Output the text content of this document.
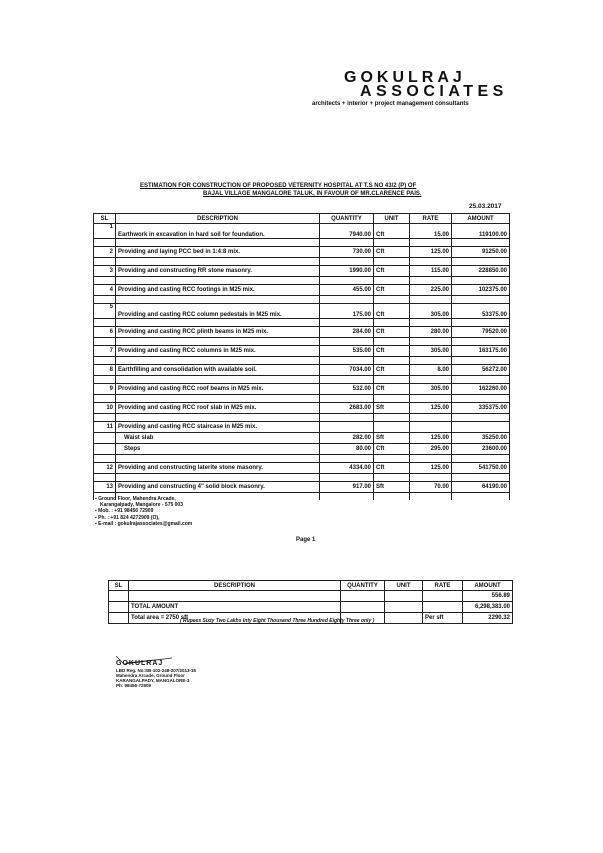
GOKULRAJ
ASSOCIATES
architects + interior + project management consultants
ESTIMATION FOR CONSTRUCTION OF PROPOSED VETERNITY HOSPITAL AT T.S NO 43/2 (P) OF
BAJAL VILLAGE MANGALORE TALUK, IN FAVOUR OF MR.CLARENCE PAIS.
25.03.2017
SL	DESCRIPTION	QUANTITY	UNIT	RATE	AMOUNT
1	Earthwork in excavation in hard soil for foundation.	7940.00	Cft	15.00	119100.00

2	Providing and laying PCC bed in 1:4:8 mix.	730.00	Cft	125.00	91250.00

3	Providing and constructing RR stone masonry.	1990.00	Cft	115.00	228850.00

4	Providing and casting RCC footings in M25 mix.	455.00	Cft	225.00	102375.00

5	Providing and casting RCC column pedestals in M25 mix.	175.00	Cft	305.00	53375.00

6	Providing and casting RCC plinth beams in M25 mix.	284.00	Cft	280.00	79520.00

7	Providing and casting RCC columns in M25 mix.	535.00	Cft	305.00	163175.00

8	Earthfilling and consolidation with available soil.	7034.00	Cft	8.00	56272.00

9	Providing and casting RCC roof beams in M25 mix.	532.00	Cft	305.00	162260.00

10	Providing and casting RCC roof slab in M25 mix.	2683.00	Sft	125.00	335375.00

11	Providing and casting RCC staircase in M25 mix.				
	Waist slab	282.00	Sft	125.00	35250.00
	Steps	80.00	Cft	295.00	23600.00

12	Providing and constructing laterite stone masonry.	4334.00	Cft	125.00	541750.00

13	Providing and constructing 4" solid block masonry.	917.00	Sft	70.00	64190.00

▪ Ground Floor, Mahendra Arcade,
Karangalpady, Mangalore - 575 003
▪ Mob. : +91 98456 72909
▪ Ph. : +91 824 4272909 (O),
▪ E-mail : gokulrajassociates@gmail.com
Page 1
SL	DESCRIPTION	QUANTITY	UNIT	RATE	AMOUNT
					556.89
	TOTAL AMOUNT				6,298,383.00
	Total area = 2750 sft			Per sft	2290.32
( Rupees Sixty Two Lakhs Inty Eight Thousand Three Hundred Eighty Three only )
GOKULRAJ
LBD Reg. No:SB-102-248-207/2013-16
Mahendra Arcade, Ground Floor
KARANGALPADY, MANGALORE-3
Ph: 98456-72909
